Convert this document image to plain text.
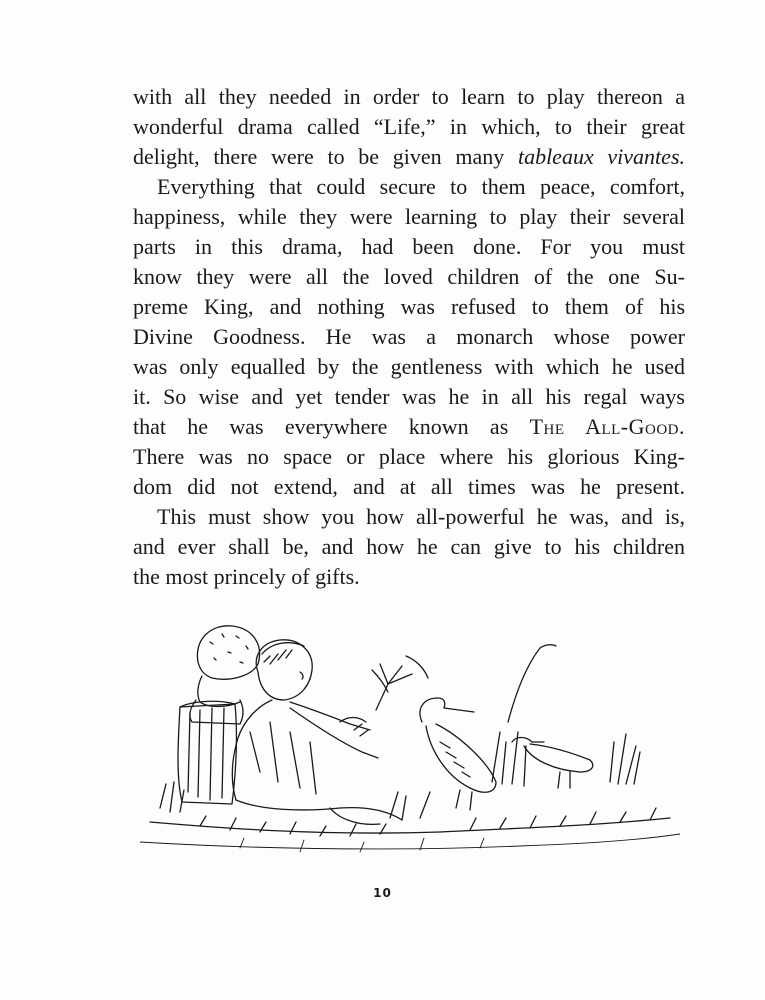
with all they needed in order to learn to play thereon a
wonderful drama called “Life,” in which, to their great
delight, there were to be given many tableaux vivantes.
Everything that could secure to them peace, comfort,
happiness, while they were learning to play their several
parts in this drama, had been done. For you must
know they were all the loved children of the one Su-
preme King, and nothing was refused to them of his
Divine Goodness. He was a monarch whose power
was only equalled by the gentleness with which he used
it. So wise and yet tender was he in all his regal ways
that he was everywhere known as The All-Good.
There was no space or place where his glorious King-
dom did not extend, and at all times was he present.
This must show you how all-powerful he was, and is,
and ever shall be, and how he can give to his children
the most princely of gifts.
10
